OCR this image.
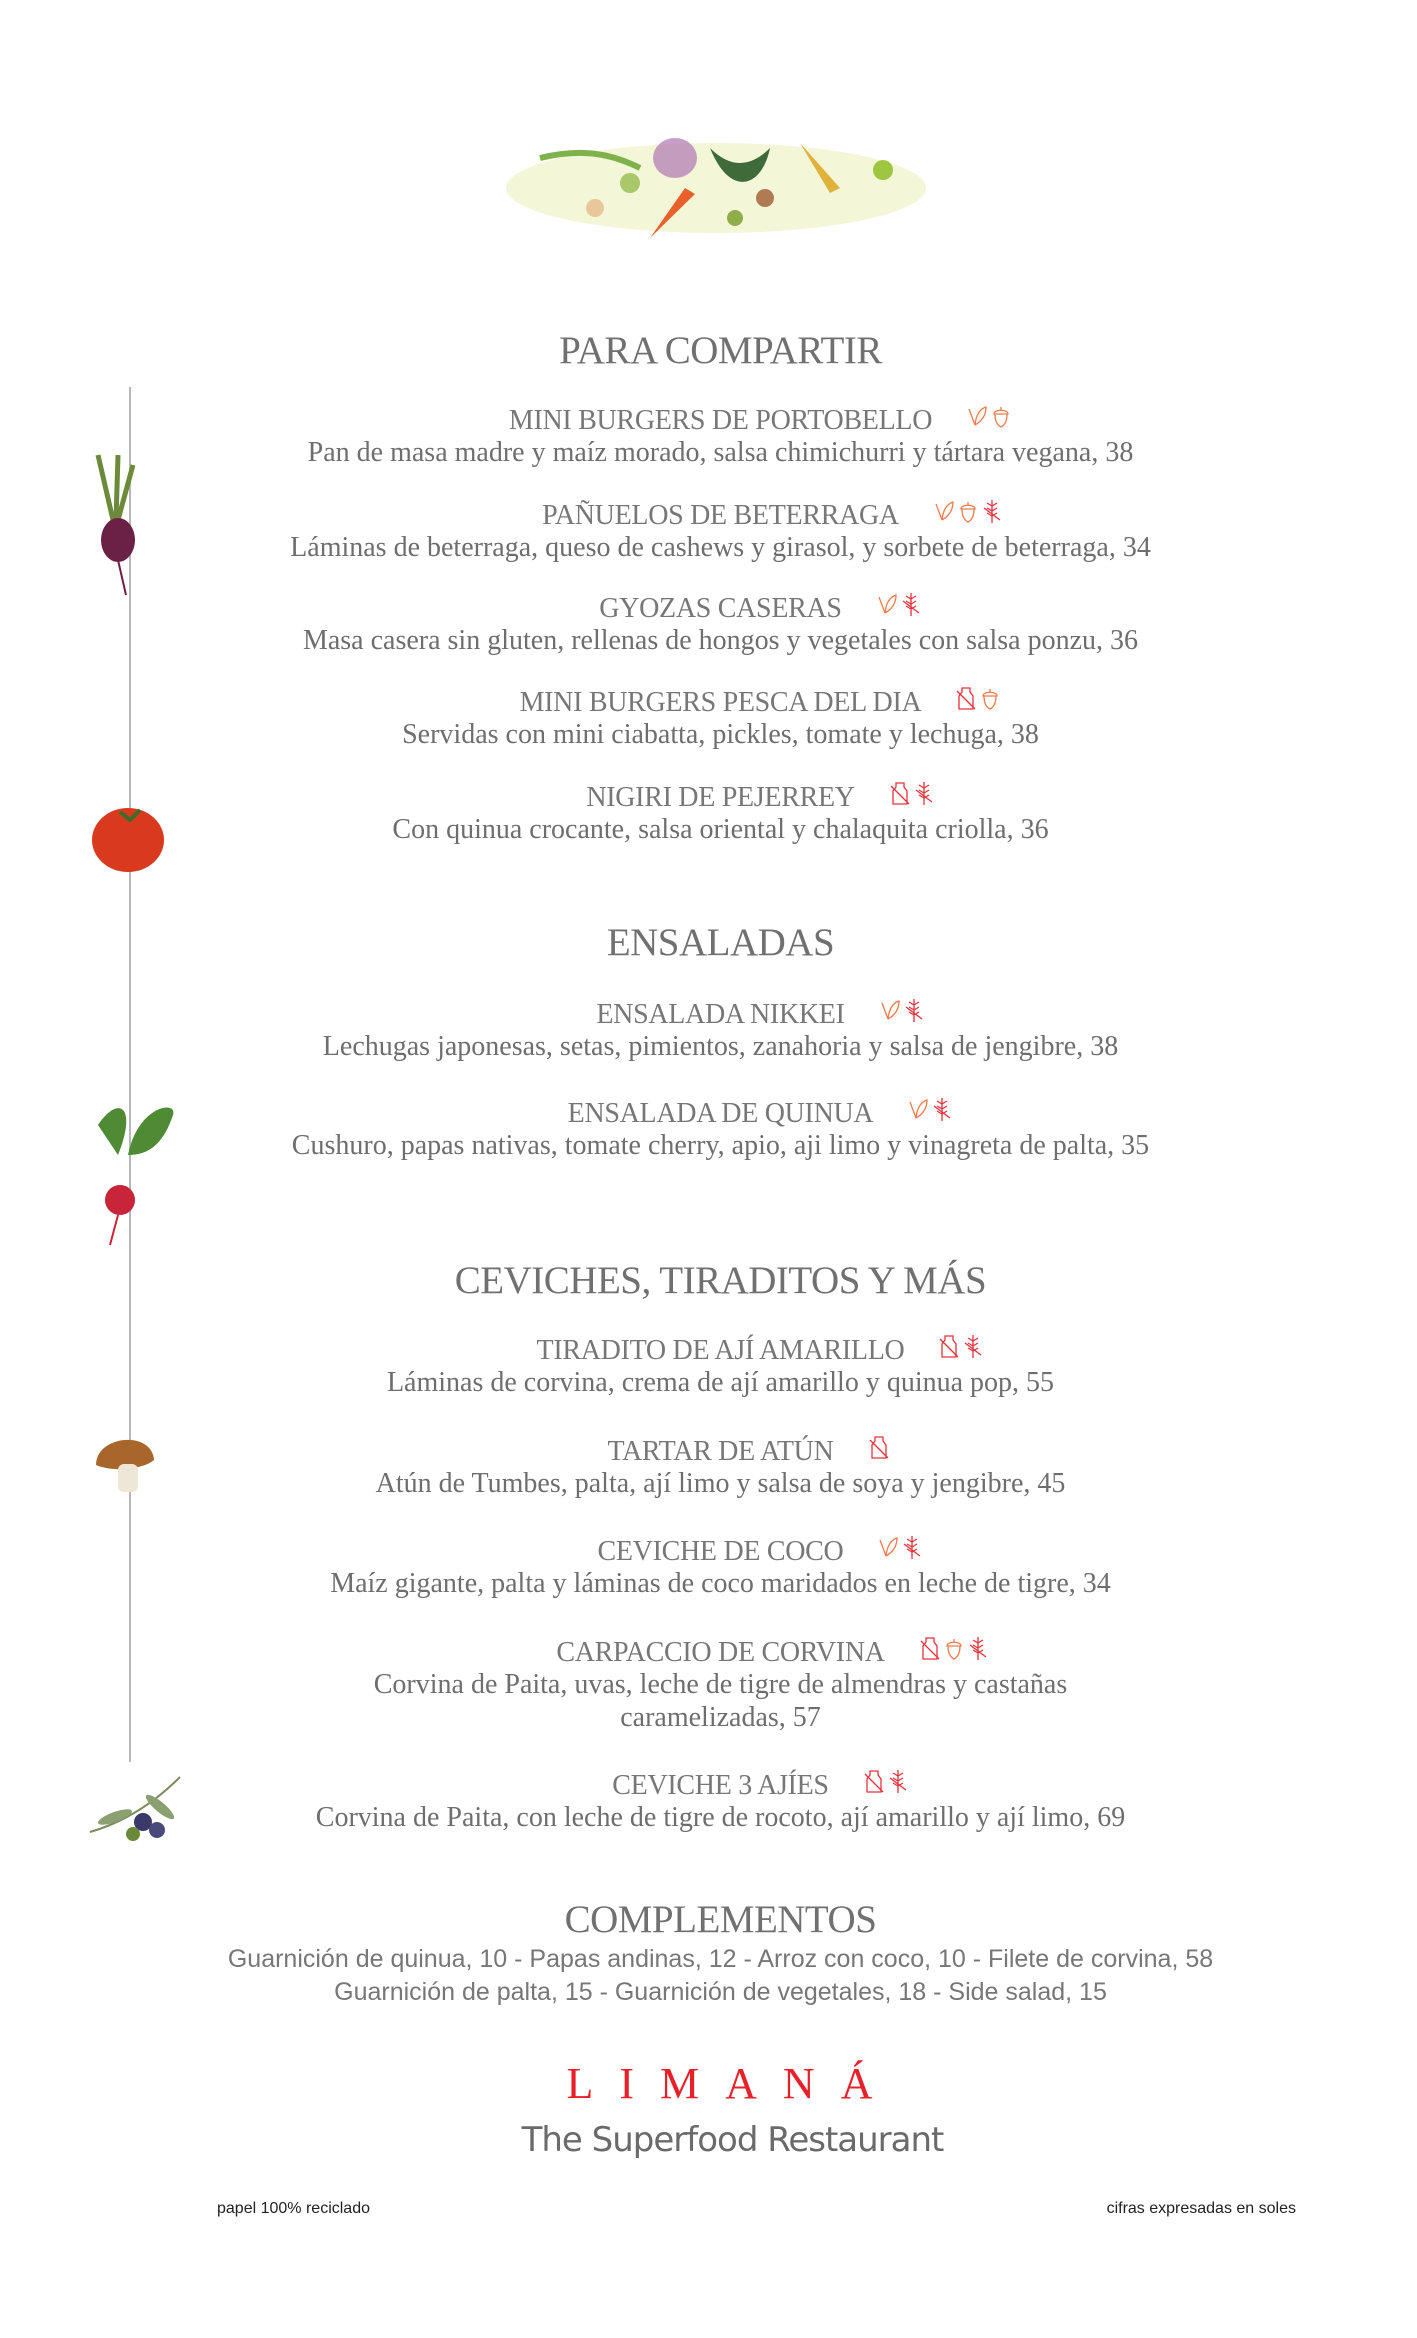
PARA COMPARTIR
MINI BURGERS DE PORTOBELLO
Pan de masa madre y maíz morado, salsa chimichurri y tártara vegana, 38
PAÑUELOS DE BETERRAGA
Láminas de beterraga, queso de cashews y girasol, y sorbete de beterraga, 34
GYOZAS CASERAS
Masa casera sin gluten, rellenas de hongos y vegetales con salsa ponzu, 36
MINI BURGERS PESCA DEL DIA
Servidas con mini ciabatta, pickles, tomate y lechuga, 38
NIGIRI DE PEJERREY
Con quinua crocante, salsa oriental y chalaquita criolla, 36
ENSALADAS
ENSALADA NIKKEI
Lechugas japonesas, setas, pimientos, zanahoria y salsa de jengibre, 38
ENSALADA DE QUINUA
Cushuro, papas nativas, tomate cherry, apio, aji limo y vinagreta de palta, 35
CEVICHES, TIRADITOS Y MÁS
TIRADITO DE AJÍ AMARILLO
Láminas de corvina, crema de ají amarillo y quinua pop, 55
TARTAR DE ATÚN
Atún de Tumbes, palta, ají limo y salsa de soya y jengibre, 45
CEVICHE DE COCO
Maíz gigante, palta y láminas de coco maridados en leche de tigre, 34
CARPACCIO DE CORVINA
Corvina de Paita, uvas, leche de tigre de almendras y castañas
caramelizadas, 57
CEVICHE 3 AJÍES
Corvina de Paita, con leche de tigre de rocoto, ají amarillo y ají limo, 69
COMPLEMENTOS
Guarnición de quinua, 10 - Papas andinas, 12 - Arroz con coco, 10 - Filete de corvina, 58
Guarnición de palta, 15 - Guarnición de vegetales, 18 - Side salad, 15
LIMANÁ
The Superfood Restaurant
papel 100% reciclado	cifras expresadas en soles
